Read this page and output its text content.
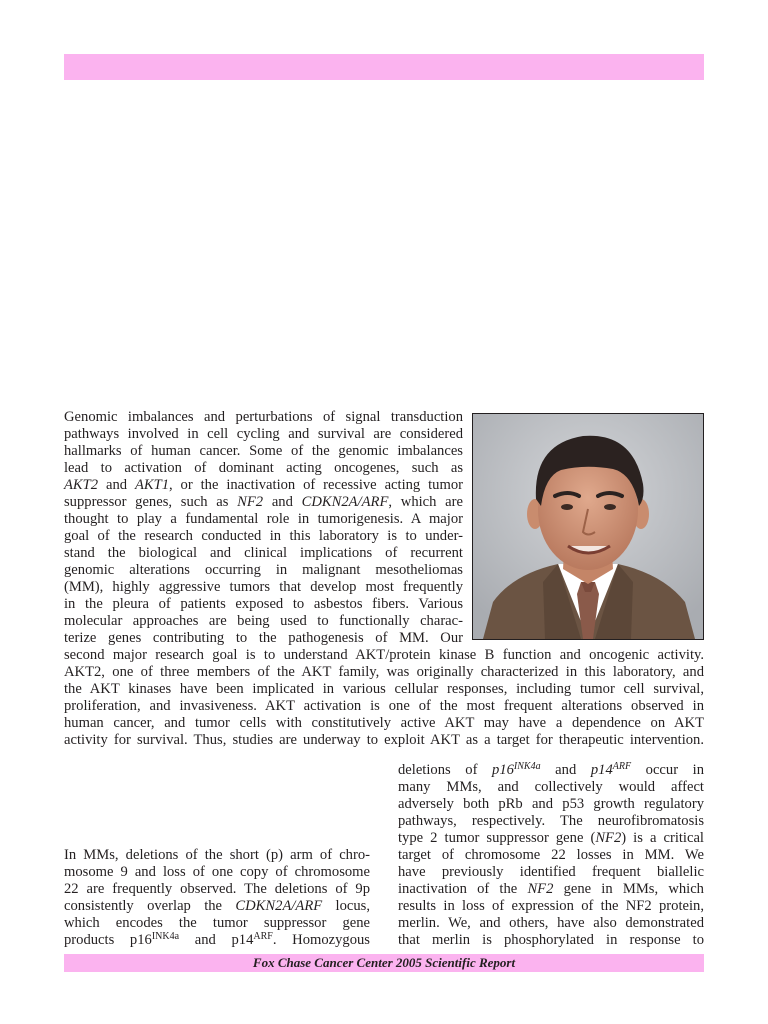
Genomic imbalances and perturbations of signal transduction
pathways involved in cell cycling and survival are considered
hallmarks of human cancer. Some of the genomic imbalances
lead to activation of dominant acting oncogenes, such as
AKT2 and AKT1, or the inactivation of recessive acting tumor
suppressor genes, such as NF2 and CDKN2A/ARF, which are
thought to play a fundamental role in tumorigenesis. A major
goal of the research conducted in this laboratory is to under-
stand the biological and clinical implications of recurrent
genomic alterations occurring in malignant mesotheliomas
(MM), highly aggressive tumors that develop most frequently
in the pleura of patients exposed to asbestos fibers. Various
molecular approaches are being used to functionally charac-
terize genes contributing to the pathogenesis of MM. Our

second major research goal is to understand AKT/protein kinase B function and oncogenic activity.
AKT2, one of three members of the AKT family, was originally characterized in this laboratory, and
the AKT kinases have been implicated in various cellular responses, including tumor cell survival,
proliferation, and invasiveness. AKT activation is one of the most frequent alterations observed in
human cancer, and tumor cells with constitutively active AKT may have a dependence on AKT
activity for survival. Thus, studies are underway to exploit AKT as a target for therapeutic intervention.

In MMs, deletions of the short (p) arm of chro-
mosome 9 and loss of one copy of chromosome
22 are frequently observed. The deletions of 9p
consistently overlap the CDKN2A/ARF locus,
which encodes the tumor suppressor gene
products $p16^{INK4a}$ and $p14^{ARF}$. Homozygous

deletions of $p16^{INK4a}$ and $p14^{ARF}$ occur in
many MMs, and collectively would affect
adversely both pRb and p53 growth regulatory
pathways, respectively. The neurofibromatosis
type 2 tumor suppressor gene (NF2) is a critical
target of chromosome 22 losses in MM. We
have previously identified frequent biallelic
inactivation of the NF2 gene in MMs, which
results in loss of expression of the NF2 protein,
merlin. We, and others, have also demonstrated
that merlin is phosphorylated in response to

Fox Chase Cancer Center 2005 Scientific Report
